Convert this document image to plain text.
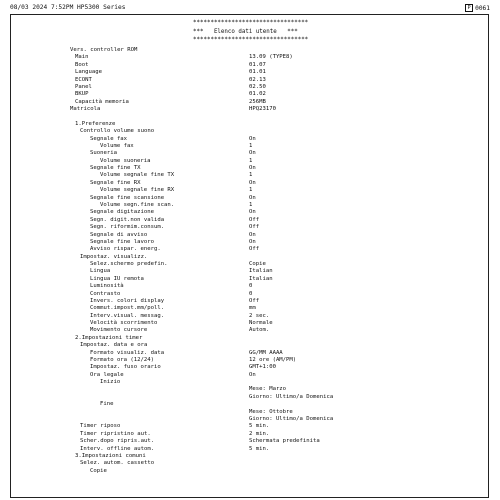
08/03 2024 7:52PM HP5300 Series	P 0061
*********************************
***   Elenco dati utente   ***
*********************************
Vers. controller ROM
Main	13.09 (TYPE8)
Boot	01.07
Language	01.01
ECONT	02.13
Panel	02.50
BKUP	01.02
Capacità memoria	256MB
Matricola	HPQ23170
1.Preferenze
Controllo volume suono
Segnale fax	On
Volume fax	1
Suoneria	On
Volume suoneria	1
Segnale fine TX	On
Volume segnale fine TX	1
Segnale fine RX	On
Volume segnale fine RX	1
Segnale fine scansione	On
Volume segn.fine scan.	1
Segnale digitazione	On
Segn. digit.non valida	Off
Segn. riformim.consum.	Off
Segnale di avviso	On
Segnale fine lavoro	On
Avviso rispar. energ.	Off
Impostaz. visualizz.
Selez.schermo predefin.	Copie
Lingua	Italian
Lingua IU remota	Italian
Luminosità	0
Contrasto	0
Invers. colori display	Off
Commut.impost.mm/poll.	mm
Interv.visual. messag.	2 sec.
Velocità scorrimento	Normale
Movimento cursore	Autom.
2.Impostazioni timer
Impostaz. data e ora
Formato visualiz. data	GG/MM AAAA
Formato ora (12/24)	12 ore (AM/PM)
Impostaz. fuso orario	GMT+1:00
Ora legale	On
Inizio
Mese: Marzo
Giorno: Ultimo/a Domenica
Fine
Mese: Ottobre
Giorno: Ultimo/a Domenica
Timer riposo	5 min.
Timer ripristino aut.	2 min.
Scher.dopo ripris.aut.	Schermata predefinita
Interv. offline autom.	5 min.
3.Impostazioni comuni
Selez. autom. cassetto
Copie
